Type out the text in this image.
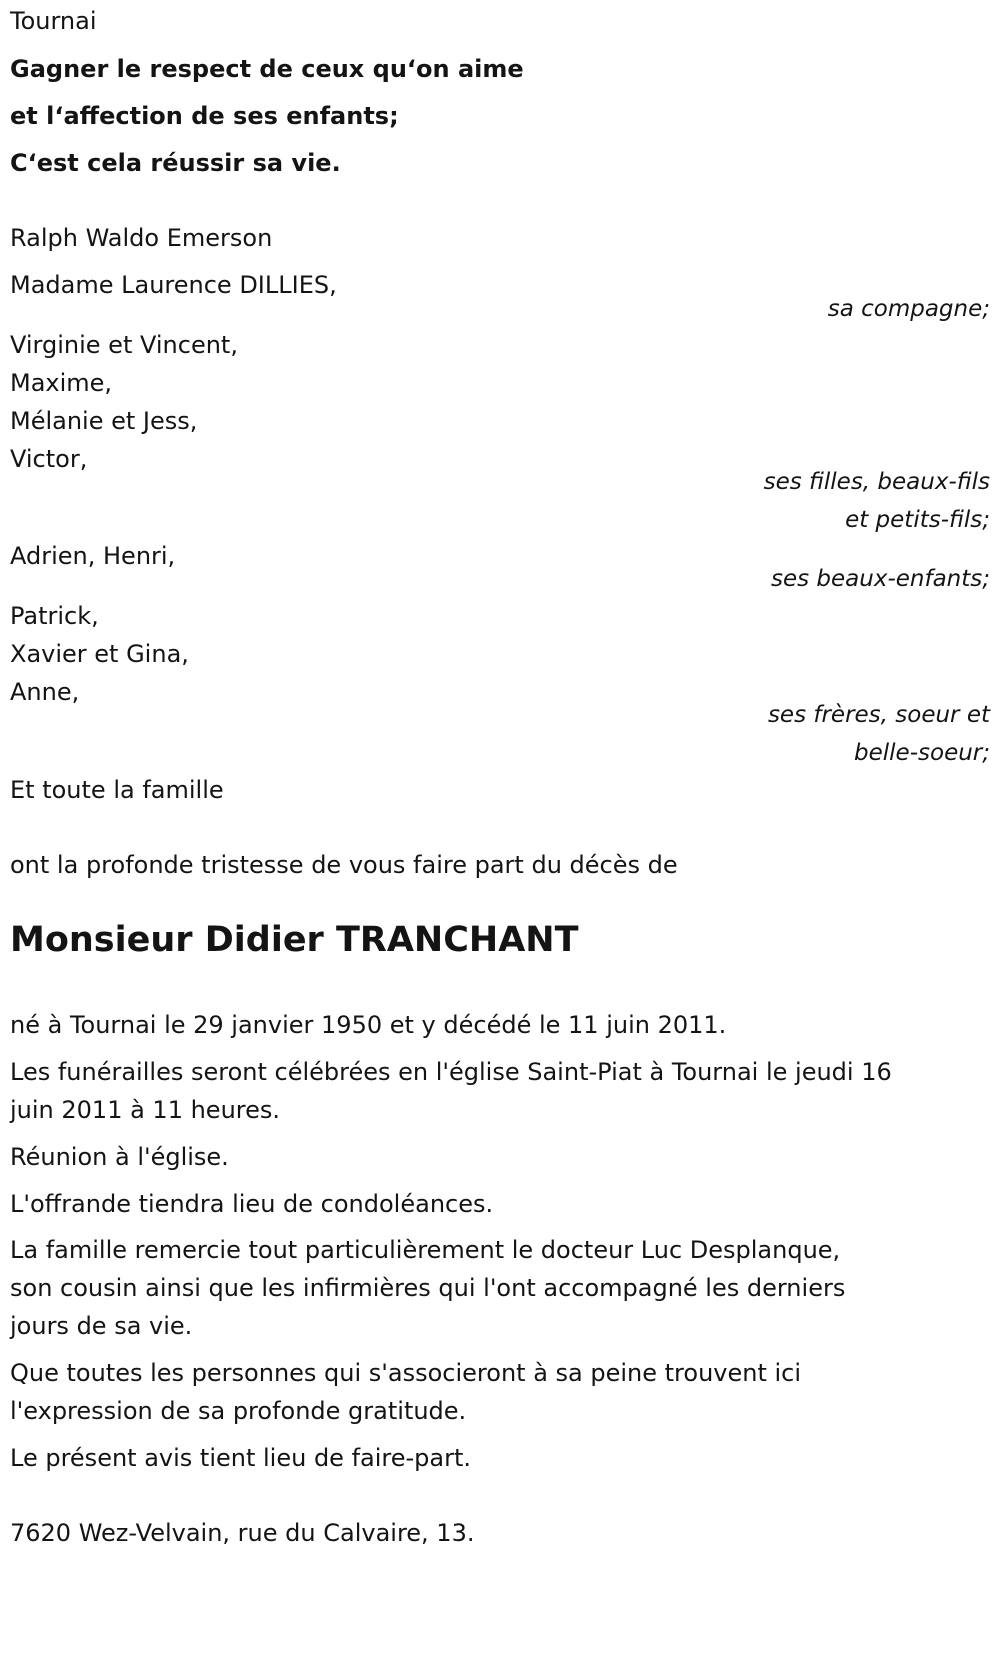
Tournai
Gagner le respect de ceux qu‘on aime
et l‘affection de ses enfants;
C‘est cela réussir sa vie.
Ralph Waldo Emerson
Madame Laurence DILLIES,
sa compagne;
Virginie et Vincent,
Maxime,
Mélanie et Jess,
Victor,
ses filles, beaux-fils
et petits-fils;
Adrien, Henri,
ses beaux-enfants;
Patrick,
Xavier et Gina,
Anne,
ses frères, soeur et
belle-soeur;
Et toute la famille
ont la profonde tristesse de vous faire part du décès de
Monsieur Didier TRANCHANT
né à Tournai le 29 janvier 1950 et y décédé le 11 juin 2011.
Les funérailles seront célébrées en l'église Saint-Piat à Tournai le jeudi 16
juin 2011 à 11 heures.
Réunion à l'église.
L'offrande tiendra lieu de condoléances.
La famille remercie tout particulièrement le docteur Luc Desplanque,
son cousin ainsi que les infirmières qui l'ont accompagné les derniers
jours de sa vie.
Que toutes les personnes qui s'associeront à sa peine trouvent ici
l'expression de sa profonde gratitude.
Le présent avis tient lieu de faire-part.
7620 Wez-Velvain, rue du Calvaire, 13.
